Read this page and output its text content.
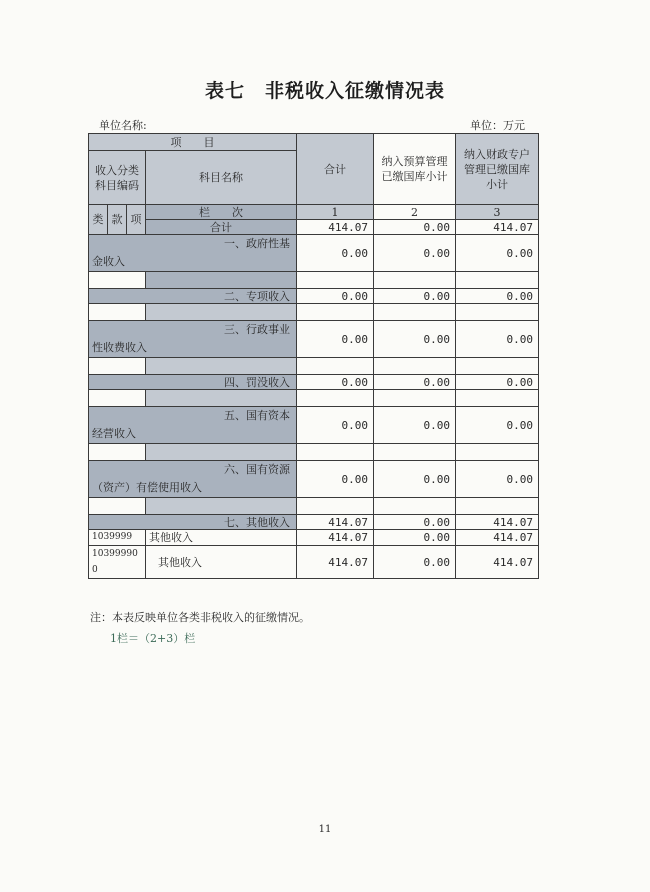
表七　非税收入征缴情况表
单位名称:	单位：万元
项　　目				合计	纳入预算管理已缴国库小计	纳入财政专户管理已缴国库小计

收入分类科目编码			科目名称			
类	款	项	栏　　次	1	2	3
			合计	414.07	0.00	414.07
一、政府性基
金收入				0.00	0.00	0.00

二、专项收入				0.00	0.00	0.00

三、行政事业
性收费收入				0.00	0.00	0.00

四、罚没收入				0.00	0.00	0.00

五、国有资本
经营收入				0.00	0.00	0.00

六、国有资源
（资产）有偿使用收入				0.00	0.00	0.00

七、其他收入				414.07	0.00	414.07
1039999			其他收入	414.07	0.00	414.07

10399990
0			其他收入	414.07	0.00	414.07
注：本表反映单位各类非税收入的征缴情况。
1栏＝（2+3）栏
11
